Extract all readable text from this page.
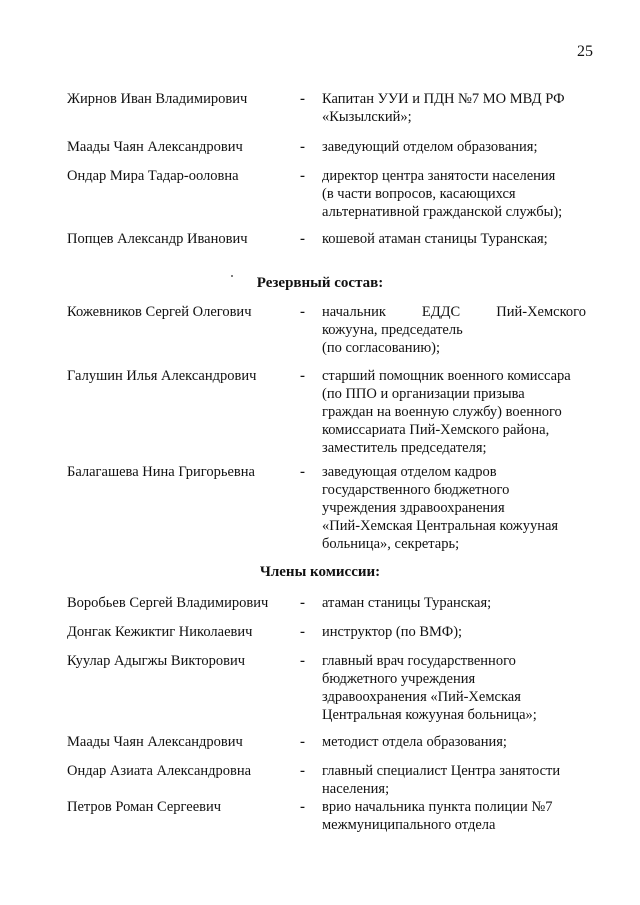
25
Жирнов Иван Владимирович	- Капитан УУИ и ПДН №7 МО МВД РФ
«Кызылский»;
Маады Чаян Александрович	- заведующий отделом образования;
Ондар Мира Тадар-ооловна	- директор центра занятости населения
(в части вопросов, касающихся
альтернативной гражданской службы);
Попцев Александр Иванович	- кошевой атаман станицы Туранская;
Резервный состав:
Кожевников Сергей Олегович	- начальник ЕДДС Пий-Хемского
кожууна, председатель
(по согласованию);
Галушин Илья Александрович	- старший помощник военного комиссара
(по ППО и организации призыва
граждан на военную службу) военного
комиссариата Пий-Хемского района,
заместитель председателя;
Балагашева Нина Григорьевна	- заведующая отделом кадров
государственного бюджетного
учреждения здравоохранения
«Пий-Хемская Центральная кожууная
больница», секретарь;
Члены комиссии:
Воробьев Сергей Владимирович - атаман станицы Туранская;
Донгак Кежиктиг Николаевич	- инструктор (по ВМФ);
Куулар Адыгжы Викторович	- главный врач государственного
бюджетного учреждения
здравоохранения «Пий-Хемская
Центральная кожууная больница»;
Маады Чаян Александрович	- методист отдела образования;
Ондар Азиата Александровна	- главный специалист Центра занятости
населения;
Петров Роман Сергеевич	- врио начальника пункта полиции №7
межмуниципального отдела
